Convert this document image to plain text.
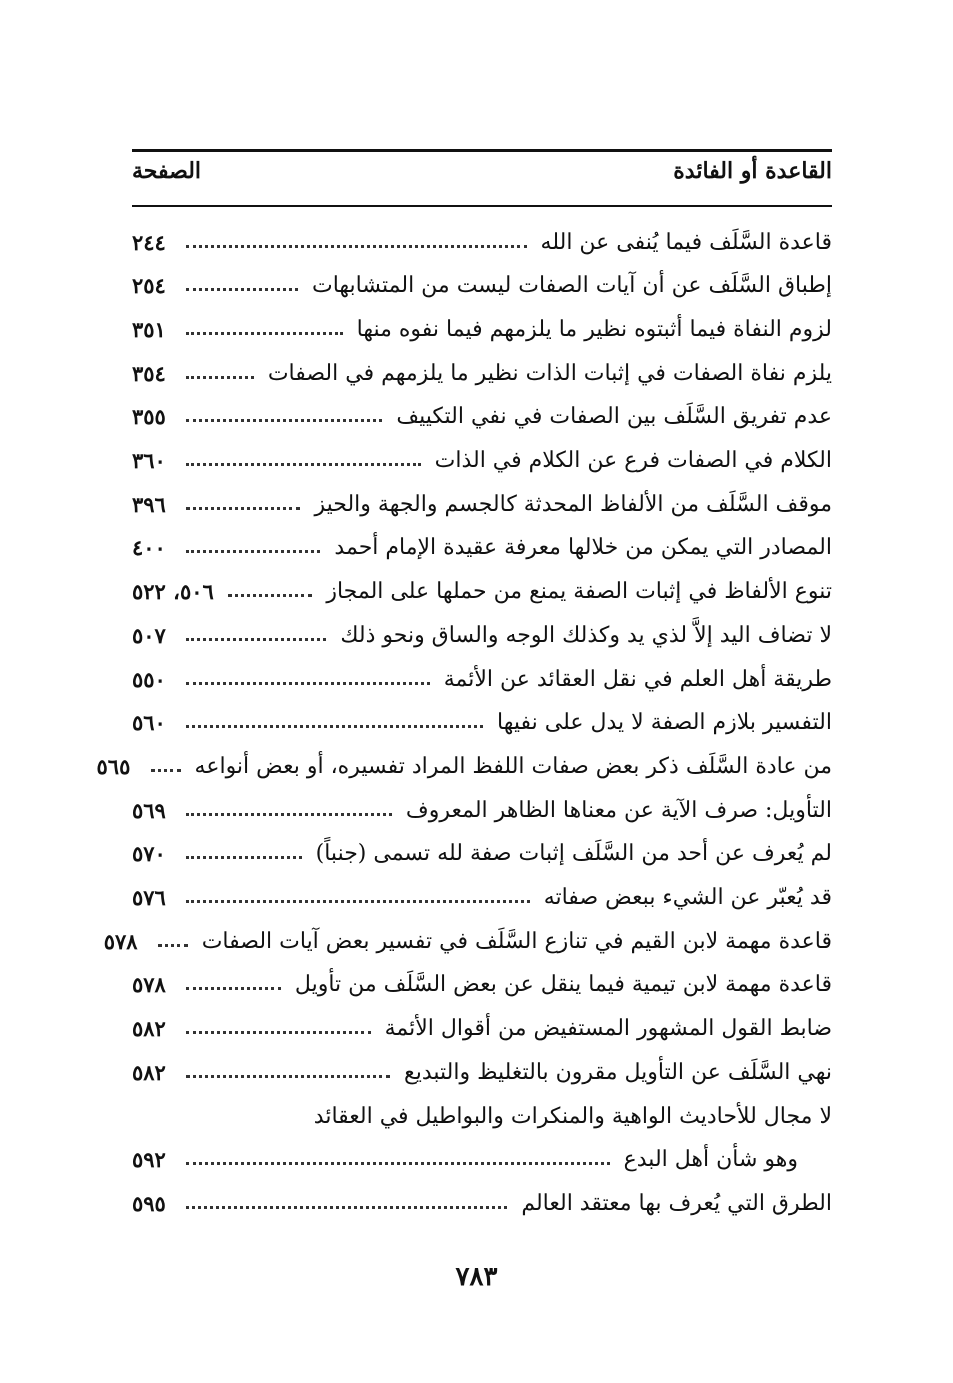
القاعدة أو الفائدة
الصفحة
قاعدة السَّلَف فيما يُنفى عن الله
٢٤٤
إطباق السَّلَف عن أن آيات الصفات ليست من المتشابهات
٢٥٤
لزوم النفاة فيما أثبتوه نظير ما يلزمهم فيما نفوه منها
٣٥١
يلزم نفاة الصفات في إثبات الذات نظير ما يلزمهم في الصفات
٣٥٤
عدم تفريق السَّلَف بين الصفات في نفي التكييف
٣٥٥
الكلام في الصفات فرع عن الكلام في الذات
٣٦٠
موقف السَّلَف من الألفاظ المحدثة كالجسم والجهة والحيز
٣٩٦
المصادر التي يمكن من خلالها معرفة عقيدة الإمام أحمد
٤٠٠
تنوع الألفاظ في إثبات الصفة يمنع من حملها على المجاز
٥٠٦، ٥٢٢
لا تضاف اليد إلاَّ لذي يد وكذلك الوجه والساق ونحو ذلك
٥٠٧
طريقة أهل العلم في نقل العقائد عن الأئمة
٥٥٠
التفسير بلازم الصفة لا يدل على نفيها
٥٦٠
من عادة السَّلَف ذكر بعض صفات اللفظ المراد تفسيره، أو بعض أنواعه
٥٦٥
التأويل: صرف الآية عن معناها الظاهر المعروف
٥٦٩
لم يُعرف عن أحد من السَّلَف إثبات صفة لله تسمى (جنباً)
٥٧٠
قد يُعبّر عن الشيء ببعض صفاته
٥٧٦
قاعدة مهمة لابن القيم في تنازع السَّلَف في تفسير بعض آيات الصفات
٥٧٨
قاعدة مهمة لابن تيمية فيما ينقل عن بعض السَّلَف من تأويل
٥٧٨
ضابط القول المشهور المستفيض من أقوال الأئمة
٥٨٢
نهي السَّلَف عن التأويل مقرون بالتغليظ والتبديع
٥٨٢
لا مجال للأحاديث الواهية والمنكرات والبواطيل في العقائد
وهو شأن أهل البدع
٥٩٢
الطرق التي يُعرف بها معتقد العالم
٥٩٥
٧٨٣
